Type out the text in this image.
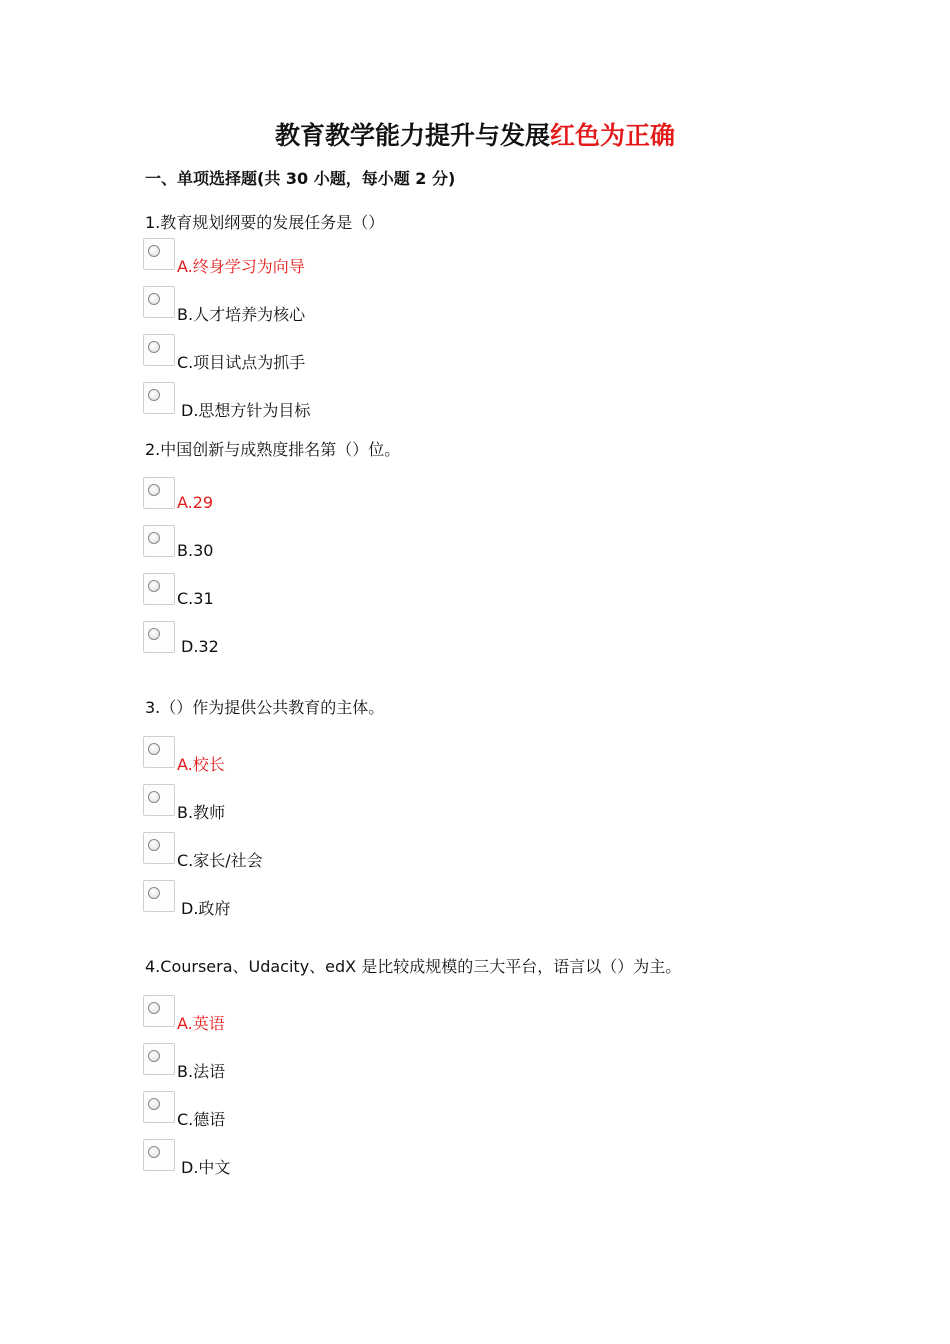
教育教学能力提升与发展红色为正确
一、单项选择题(共 30 小题，每小题 2 分)
1.教育规划纲要的发展任务是（）
A.终身学习为向导
B.人才培养为核心
C.项目试点为抓手
D.思想方针为目标
2.中国创新与成熟度排名第（）位。
A.29
B.30
C.31
D.32
3.（）作为提供公共教育的主体。
A.校长
B.教师
C.家长/社会
D.政府
4.Coursera、Udacity、edX 是比较成规模的三大平台，语言以（）为主。
A.英语
B.法语
C.德语
D.中文
